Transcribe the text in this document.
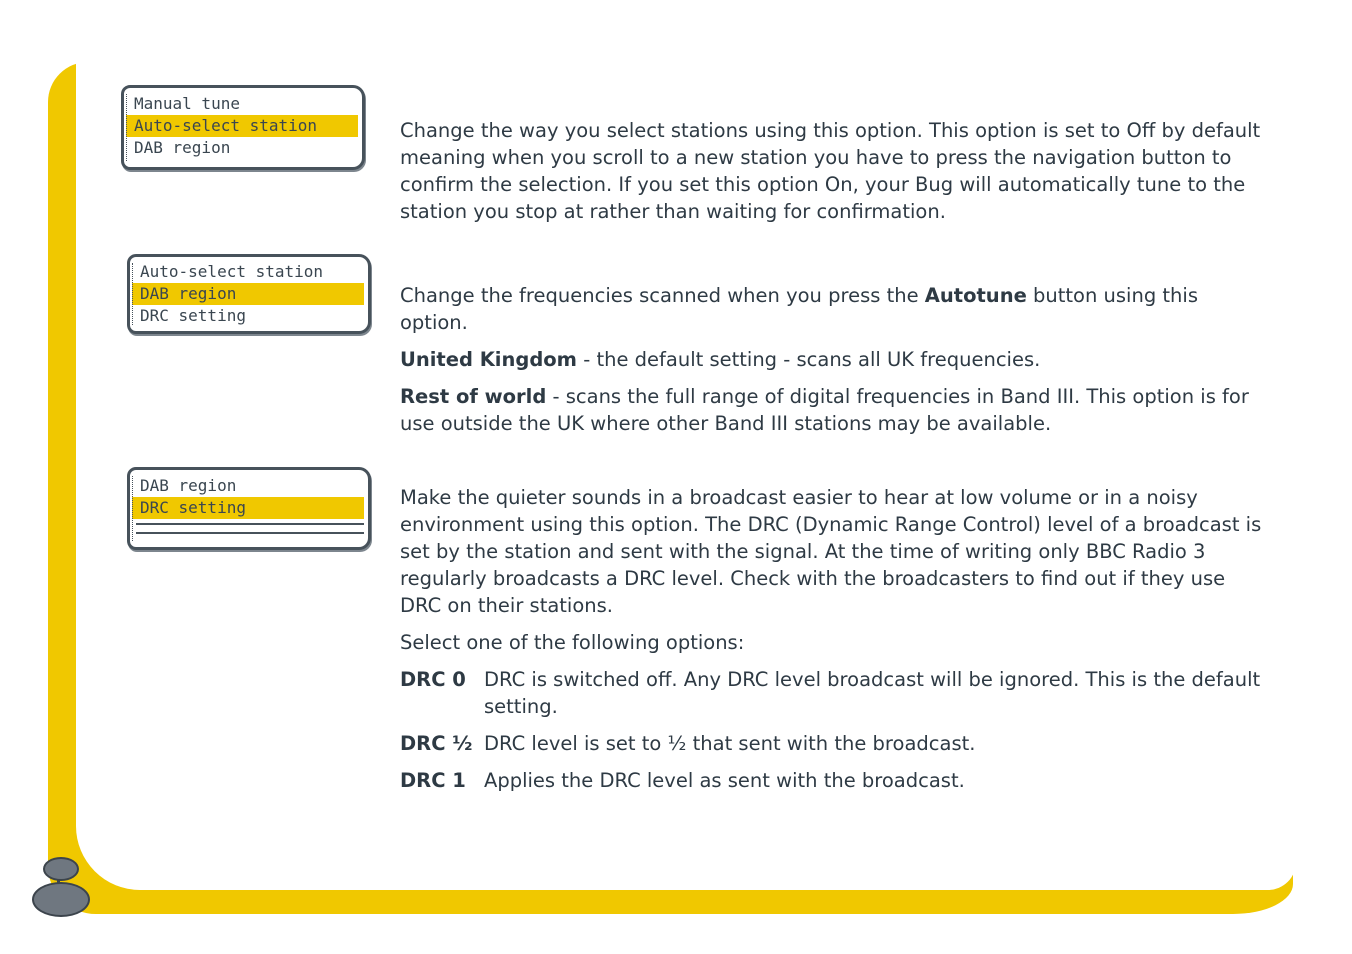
Manual tune
Auto-select station
DAB region
Auto-select station
DAB region
DRC setting
DAB region
DRC setting

Change the way you select stations using this option. This option is set to Off by default meaning when you scroll to a new station you have to press the navigation button to confirm the selection. If you set this option On, your Bug will automatically tune to the station you stop at rather than waiting for confirmation.

Change the frequencies scanned when you press the Autotune button using this option.

United Kingdom - the default setting - scans all UK frequencies.

Rest of world - scans the full range of digital frequencies in Band III. This option is for use outside the UK where other Band III stations may be available.

Make the quieter sounds in a broadcast easier to hear at low volume or in a noisy environment using this option. The DRC (Dynamic Range Control) level of a broadcast is set by the station and sent with the signal. At the time of writing only BBC Radio 3 regularly broadcasts a DRC level. Check with the broadcasters to find out if they use DRC on their stations.

Select one of the following options:

DRC 0 DRC is switched off. Any DRC level broadcast will be ignored. This is the default setting.
DRC ½ DRC level is set to ½ that sent with the broadcast.
DRC 1 Applies the DRC level as sent with the broadcast.
